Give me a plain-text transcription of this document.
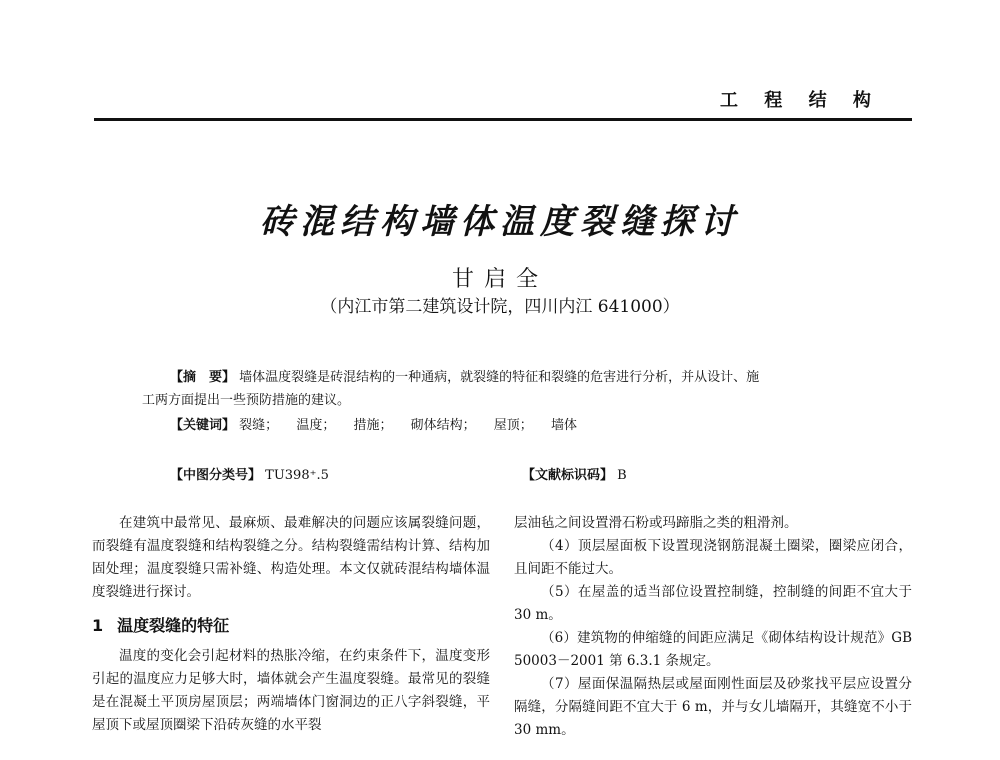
工 程 结 构
砖混结构墙体温度裂缝探讨
甘启全
（内江市第二建筑设计院，四川内江 641000）
【摘　要】 墙体温度裂缝是砖混结构的一种通病，就裂缝的特征和裂缝的危害进行分析，并从设计、施
工两方面提出一些预防措施的建议。
【关键词】 裂缝； 温度； 措施； 砌体结构； 屋顶； 墙体
【中图分类号】 TU398⁺.5	【文献标识码】 B

在建筑中最常见、最麻烦、最难解决的问题应该属裂缝问题，而裂缝有温度裂缝和结构裂缝之分。结构裂缝需结构计算、结构加固处理；温度裂缝只需补缝、构造处理。本文仅就砖混结构墙体温度裂缝进行探讨。

1 温度裂缝的特征

温度的变化会引起材料的热胀冷缩，在约束条件下，温度变形引起的温度应力足够大时，墙体就会产生温度裂缝。最常见的裂缝是在混凝土平顶房屋顶层；两端墙体门窗洞边的正八字斜裂缝，平屋顶下或屋顶圈梁下沿砖灰缝的水平裂

层油毡之间设置滑石粉或玛蹄脂之类的粗滑剂。

（4）顶层屋面板下设置现浇钢筋混凝土圈梁，圈梁应闭合，且间距不能过大。

（5）在屋盖的适当部位设置控制缝，控制缝的间距不宜大于 30 m。

（6）建筑物的伸缩缝的间距应满足《砌体结构设计规范》GB 50003－2001 第 6.3.1 条规定。

（7）屋面保温隔热层或屋面刚性面层及砂浆找平层应设置分隔缝，分隔缝间距不宜大于 6 m，并与女儿墙隔开，其缝宽不小于 30 mm。
